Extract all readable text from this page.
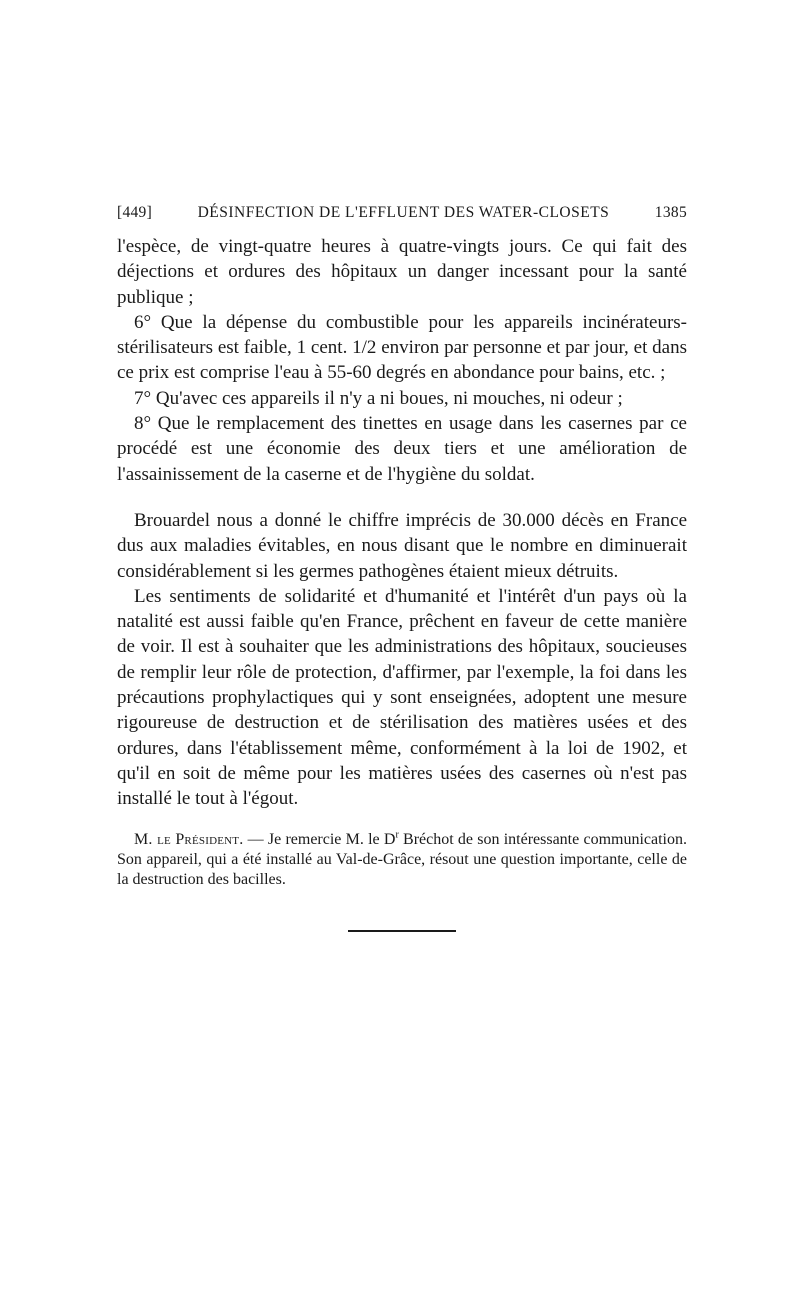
[449]	DÉSINFECTION DE L'EFFLUENT DES WATER-CLOSETS	1385

l'espèce, de vingt-quatre heures à quatre-vingts jours. Ce qui fait des déjections et ordures des hôpitaux un danger incessant pour la santé publique ;

6° Que la dépense du combustible pour les appareils incinérateurs-stérilisateurs est faible, 1 cent. 1/2 environ par personne et par jour, et dans ce prix est comprise l'eau à 55-60 degrés en abondance pour bains, etc. ;

7° Qu'avec ces appareils il n'y a ni boues, ni mouches, ni odeur ;

8° Que le remplacement des tinettes en usage dans les casernes par ce procédé est une économie des deux tiers et une amélioration de l'assainissement de la caserne et de l'hygiène du soldat.

Brouardel nous a donné le chiffre imprécis de 30.000 décès en France dus aux maladies évitables, en nous disant que le nombre en diminuerait considérablement si les germes pathogènes étaient mieux détruits.

Les sentiments de solidarité et d'humanité et l'intérêt d'un pays où la natalité est aussi faible qu'en France, prêchent en faveur de cette manière de voir. Il est à souhaiter que les administrations des hôpitaux, soucieuses de remplir leur rôle de protection, d'affirmer, par l'exemple, la foi dans les précautions prophylactiques qui y sont enseignées, adoptent une mesure rigoureuse de destruction et de stérilisation des matières usées et des ordures, dans l'établissement même, conformément à la loi de 1902, et qu'il en soit de même pour les matières usées des casernes où n'est pas installé le tout à l'égout.

M. le Président. — Je remercie M. le $D^r$ Bréchot de son intéressante communication. Son appareil, qui a été installé au Val-de-Grâce, résout une question importante, celle de la destruction des bacilles.
